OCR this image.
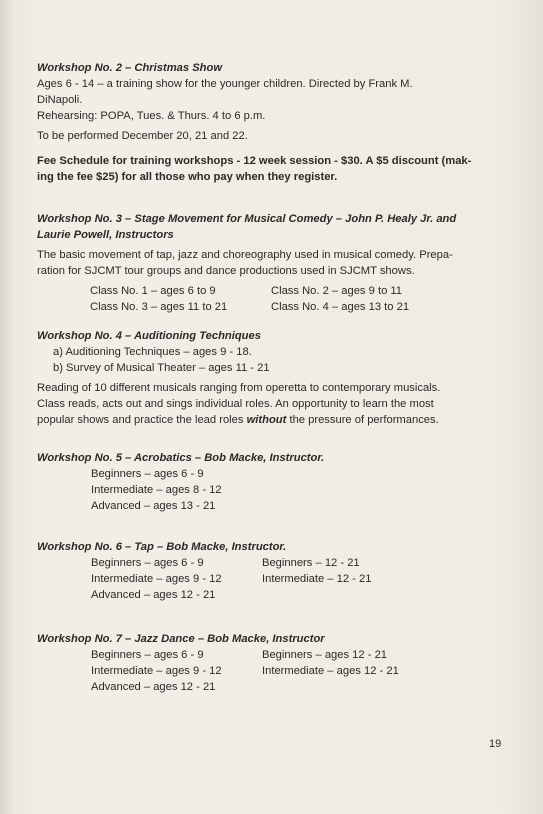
Workshop No. 2 – Christmas Show

Ages 6 - 14 – a training show for the younger children. Directed by Frank M.

DiNapoli.

Rehearsing: POPA, Tues. & Thurs. 4 to 6 p.m.

To be performed December 20, 21 and 22.

Fee Schedule for training workshops - 12 week session - $30. A $5 discount (mak-

ing the fee $25) for all those who pay when they register.

Workshop No. 3 – Stage Movement for Musical Comedy – John P. Healy Jr. and

Laurie Powell, Instructors

The basic movement of tap, jazz and choreography used in musical comedy. Prepa-

ration for SJCMT tour groups and dance productions used in SJCMT shows.

Class No. 1 – ages 6 to 9	Class No. 2 – ages 9 to 11
Class No. 3 – ages 11 to 21	Class No. 4 – ages 13 to 21

Workshop No. 4 – Auditioning Techniques

a) Auditioning Techniques – ages 9 - 18.

b) Survey of Musical Theater – ages 11 - 21

Reading of 10 different musicals ranging from operetta to contemporary musicals.

Class reads, acts out and sings individual roles. An opportunity to learn the most

popular shows and practice the lead roles without the pressure of performances.

Workshop No. 5 – Acrobatics – Bob Macke, Instructor.

Beginners – ages 6 - 9

Intermediate – ages 8 - 12

Advanced – ages 13 - 21

Workshop No. 6 – Tap – Bob Macke, Instructor.

Beginners – ages 6 - 9	Beginners – 12 - 21
Intermediate – ages 9 - 12	Intermediate – 12 - 21
Advanced – ages 12 - 21

Workshop No. 7 – Jazz Dance – Bob Macke, Instructor

Beginners – ages 6 - 9	Beginners – ages 12 - 21
Intermediate – ages 9 - 12	Intermediate – ages 12 - 21
Advanced – ages 12 - 21
19
